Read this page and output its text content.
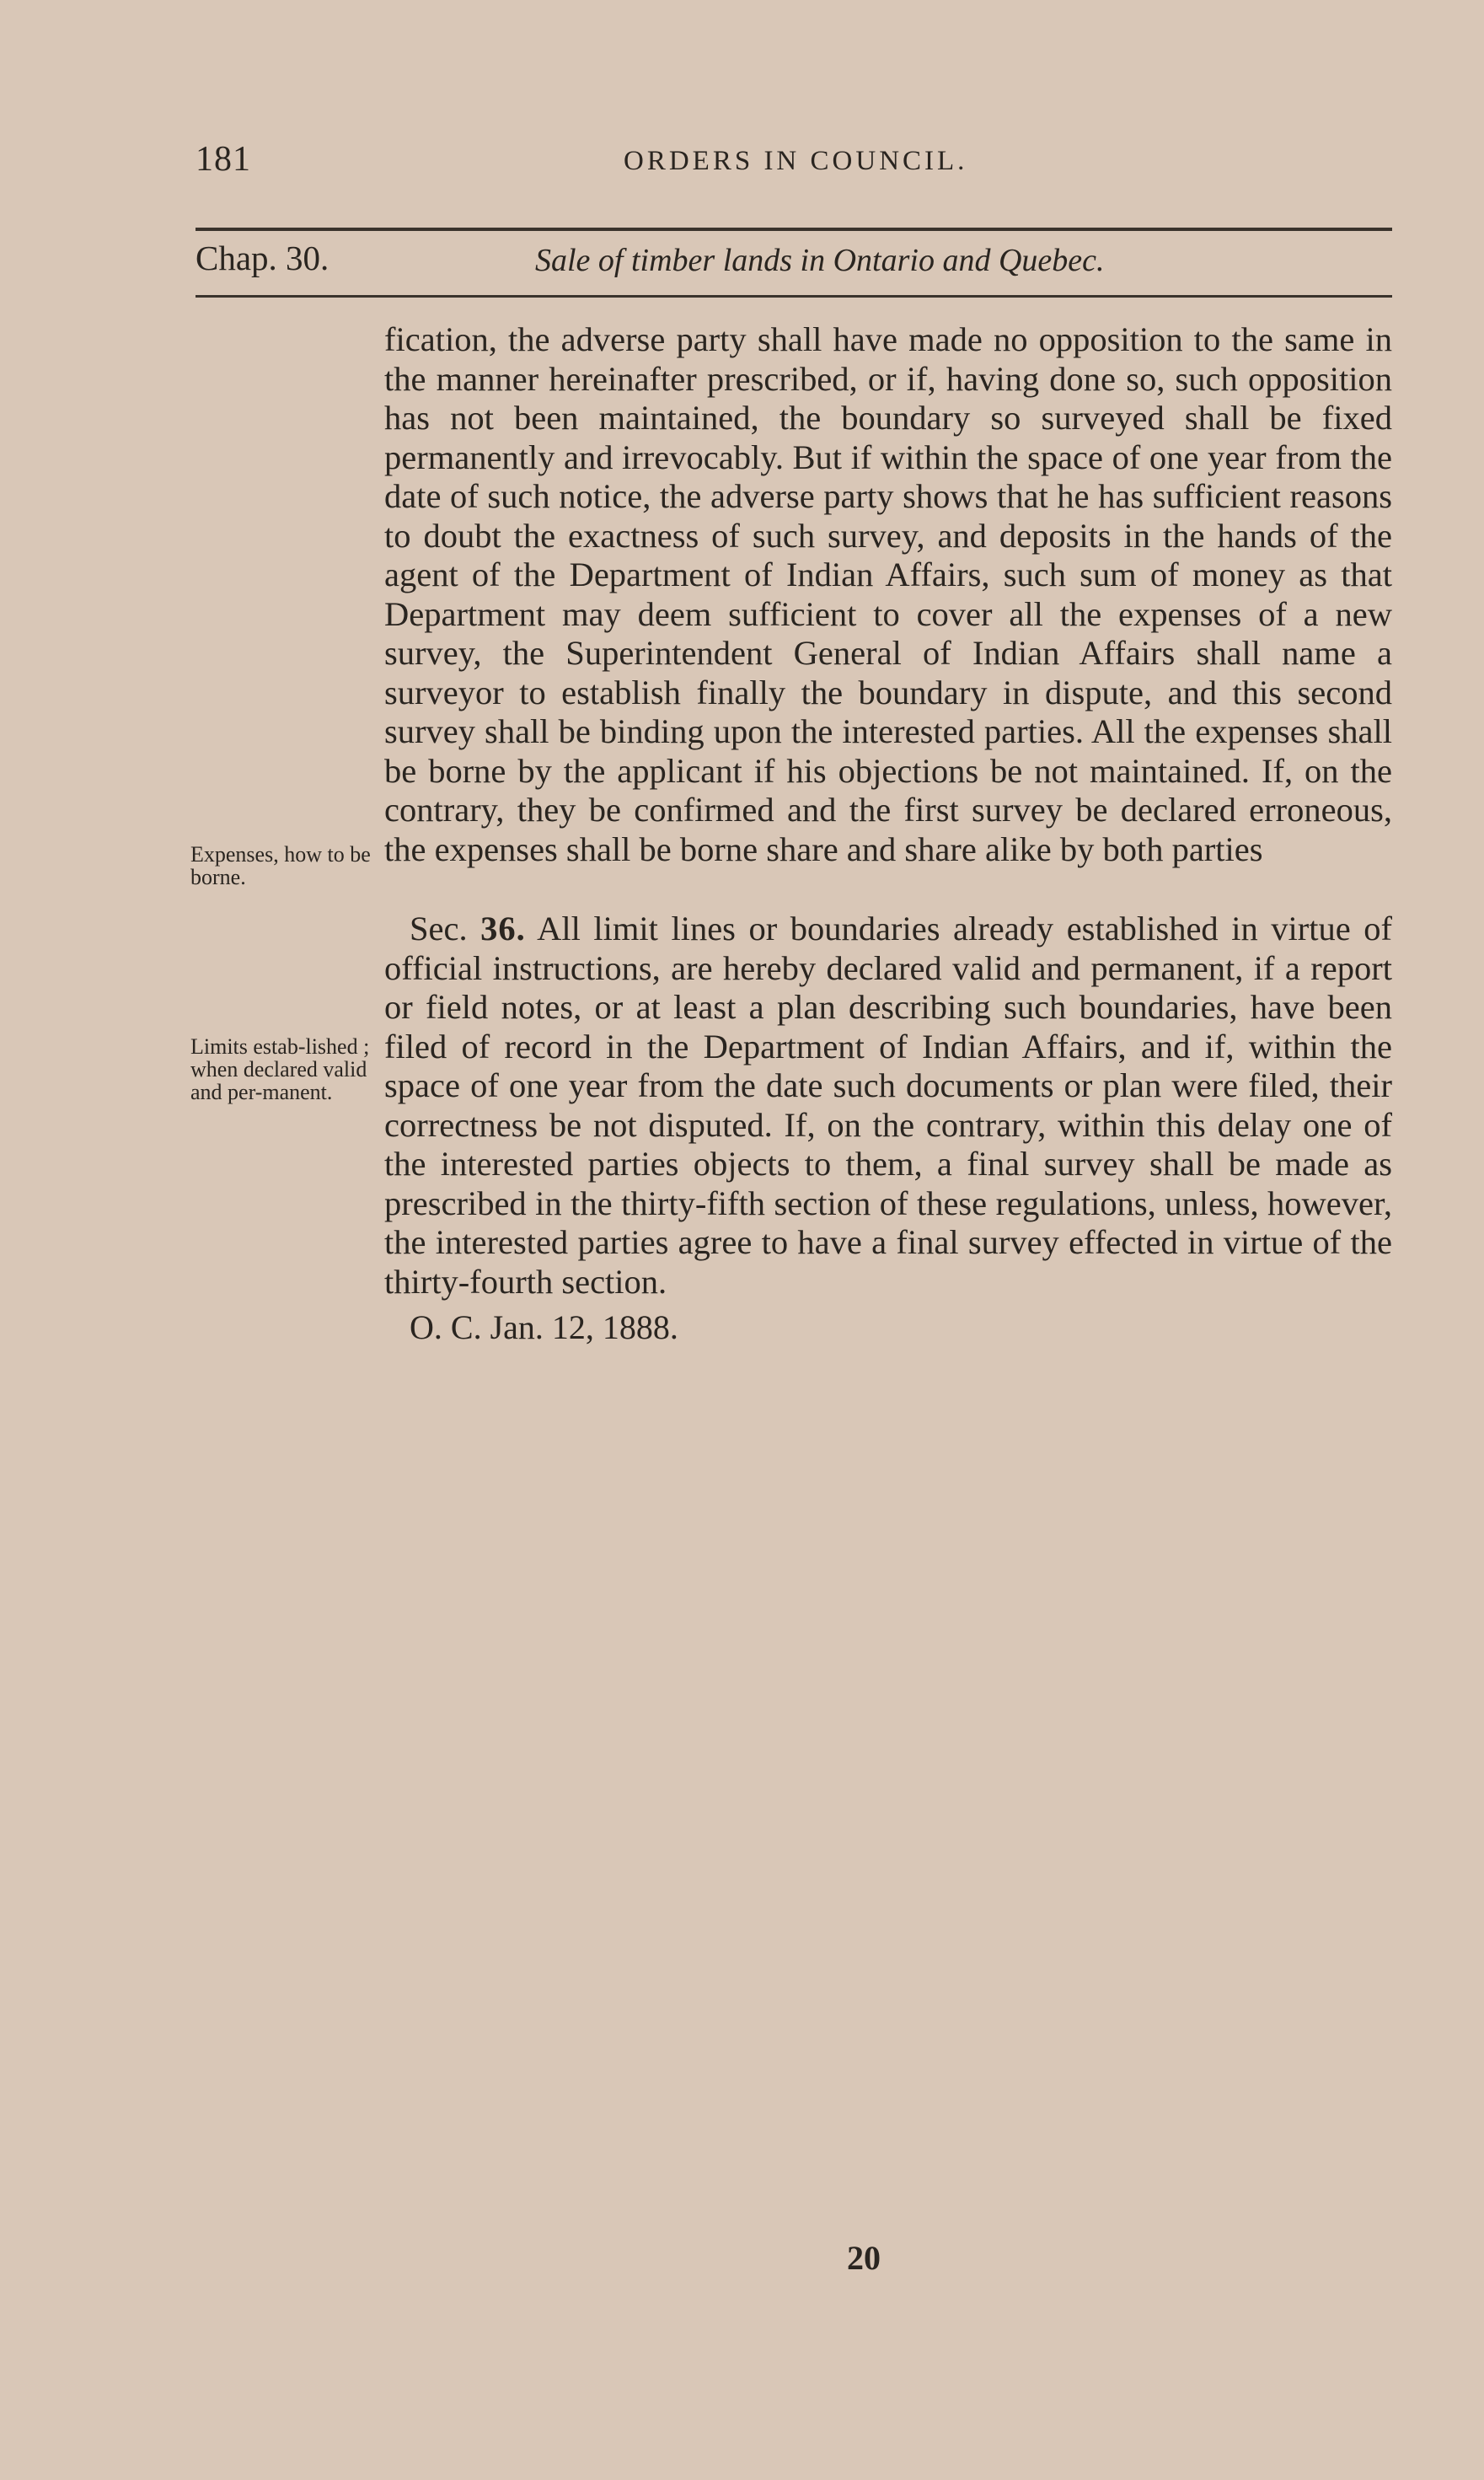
181	ORDERS IN COUNCIL.
Chap. 30.	Sale of timber lands in Ontario and Quebec.
Expenses, how to be borne.
Limits estab-lished ; when declared valid and per-manent.

fication, the adverse party shall have made no opposition to the same in the manner hereinafter prescribed, or if, having done so, such opposition has not been maintained, the boundary so surveyed shall be fixed permanently and irrevocably. But if within the space of one year from the date of such notice, the adverse party shows that he has sufficient reasons to doubt the exactness of such survey, and deposits in the hands of the agent of the Department of Indian Affairs, such sum of money as that Department may deem sufficient to cover all the expenses of a new survey, the Superintendent General of Indian Affairs shall name a surveyor to establish finally the boundary in dispute, and this second survey shall be binding upon the interested parties. All the expenses shall be borne by the applicant if his objections be not maintained. If, on the contrary, they be confirmed and the first survey be declared erroneous, the expenses shall be borne share and share alike by both parties

Sec. 36. All limit lines or boundaries already established in virtue of official instructions, are hereby declared valid and permanent, if a report or field notes, or at least a plan describing such boundaries, have been filed of record in the Department of Indian Affairs, and if, within the space of one year from the date such documents or plan were filed, their correctness be not disputed. If, on the contrary, within this delay one of the interested parties objects to them, a final survey shall be made as prescribed in the thirty-fifth section of these regulations, unless, however, the interested parties agree to have a final survey effected in virtue of the thirty-fourth section.

O. C. Jan. 12, 1888.

20
